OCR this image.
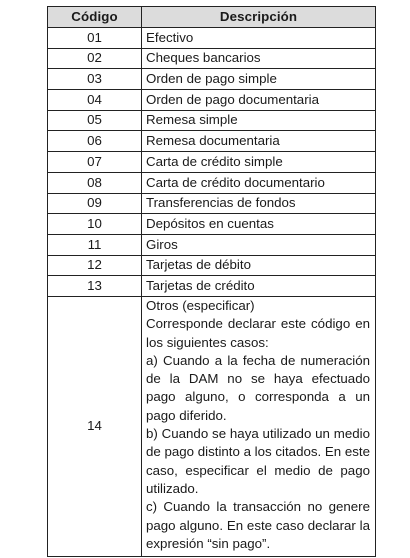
Código	Descripción
01	Efectivo
02	Cheques bancarios
03	Orden de pago simple
04	Orden de pago documentaria
05	Remesa simple
06	Remesa documentaria
07	Carta de crédito simple
08	Carta de crédito documentario
09	Transferencias de fondos
10	Depósitos en cuentas
11	Giros
12	Tarjetas de débito
13	Tarjetas de crédito
14	Otros (especificar)

Corresponde declarar este código en los siguientes casos:

a) Cuando a la fecha de numeración de la DAM no se haya efectuado pago alguno, o corresponda a un pago diferido.

b) Cuando se haya utilizado un medio de pago distinto a los citados. En este caso, especificar el medio de pago utilizado.

c) Cuando la transacción no genere pago alguno. En este caso declarar la expresión “sin pago”.
